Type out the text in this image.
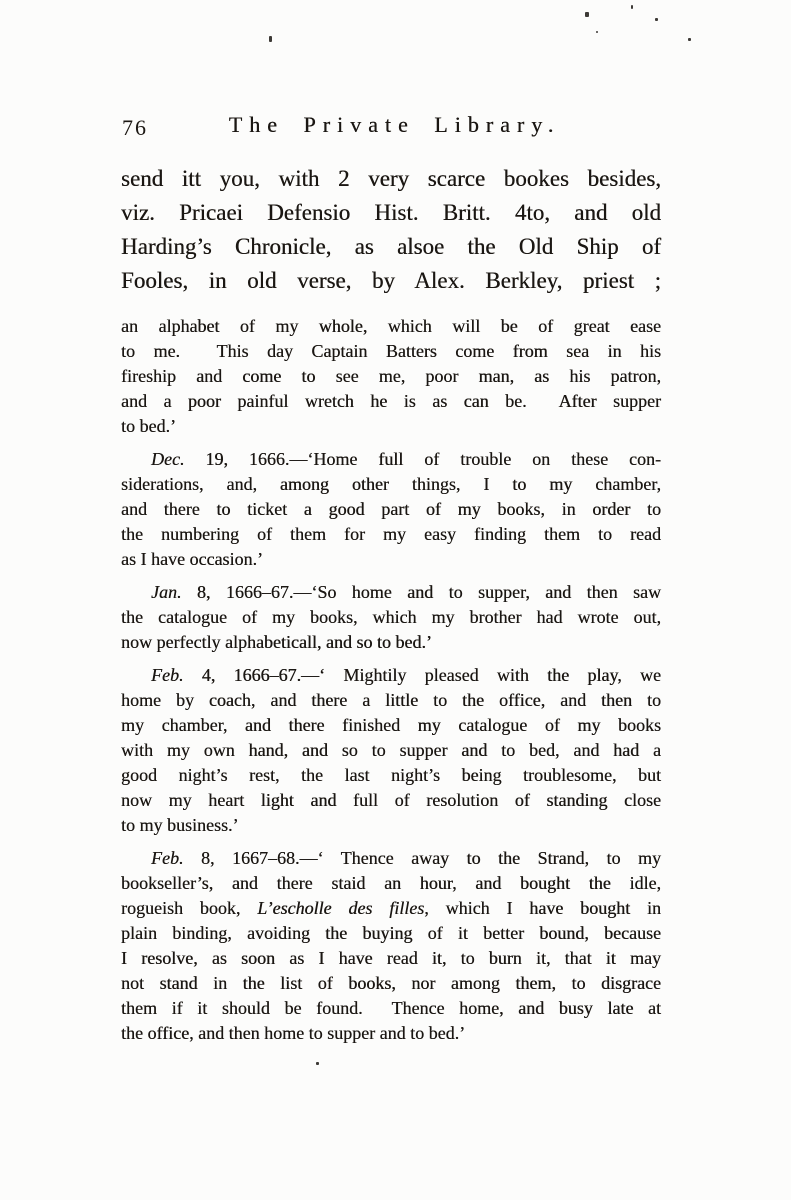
76	The Private Library.
send itt you, with 2 very scarce bookes besides,
viz. Pricaei Defensio Hist. Britt. 4to, and old
Harding’s Chronicle, as alsoe the Old Ship of
Fooles, in old verse, by Alex. Berkley, priest ;
an alphabet of my whole, which will be of great ease
to me.  This day Captain Batters come from sea in his
fireship and come to see me, poor man, as his patron,
and a poor painful wretch he is as can be.  After supper
to bed.’
Dec. 19, 1666.—‘Home full of trouble on these con-
siderations, and, among other things, I to my chamber,
and there to ticket a good part of my books, in order to
the numbering of them for my easy finding them to read
as I have occasion.’
Jan. 8, 1666–67.—‘So home and to supper, and then saw
the catalogue of my books, which my brother had wrote out,
now perfectly alphabeticall, and so to bed.’
Feb. 4, 1666–67.—‘ Mightily pleased with the play, we
home by coach, and there a little to the office, and then to
my chamber, and there finished my catalogue of my books
with my own hand, and so to supper and to bed, and had a
good night’s rest, the last night’s being troublesome, but
now my heart light and full of resolution of standing close
to my business.’
Feb. 8, 1667–68.—‘ Thence away to the Strand, to my
bookseller’s, and there staid an hour, and bought the idle,
rogueish book, L’escholle des filles, which I have bought in
plain binding, avoiding the buying of it better bound, because
I resolve, as soon as I have read it, to burn it, that it may
not stand in the list of books, nor among them, to disgrace
them if it should be found.  Thence home, and busy late at
the office, and then home to supper and to bed.’
